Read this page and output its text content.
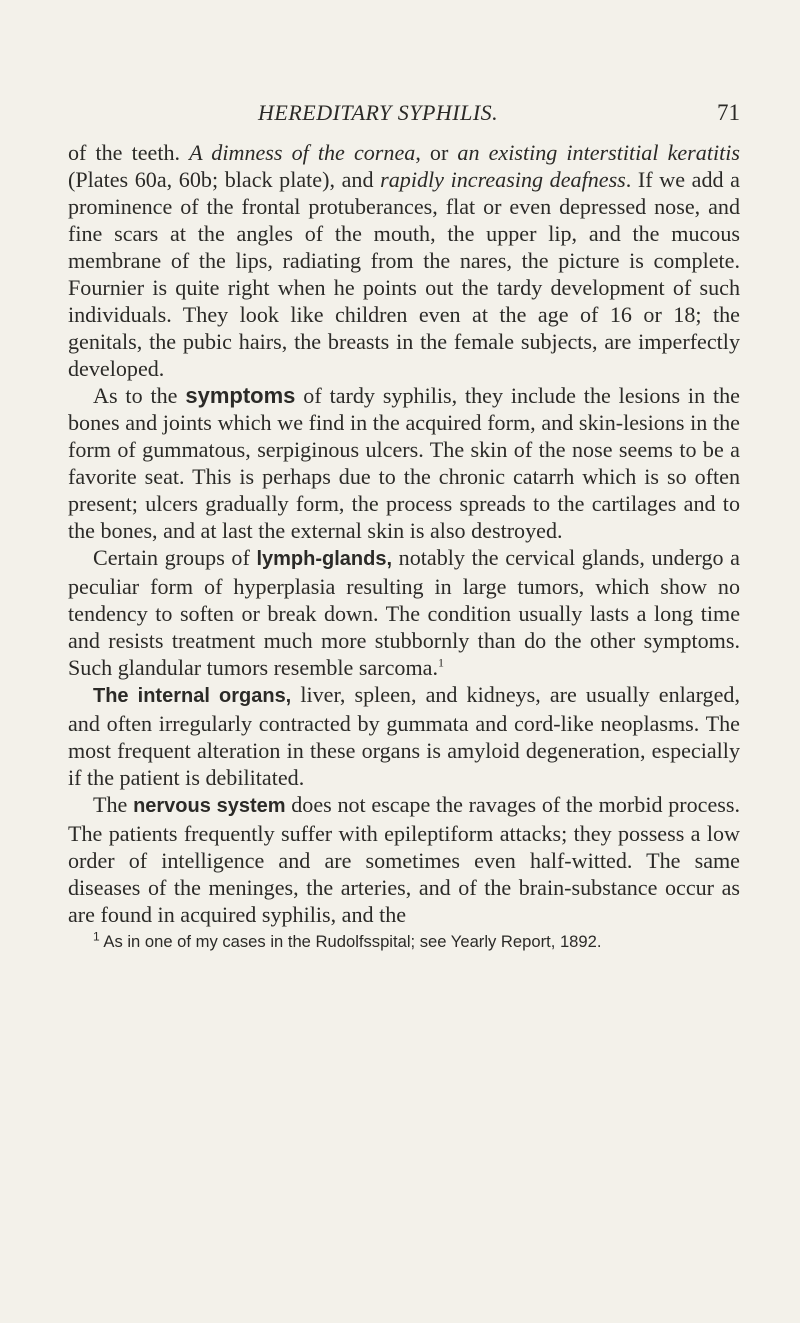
HEREDITARY SYPHILIS.	71

of the teeth. A dimness of the cornea, or an existing interstitial keratitis (Plates 60a, 60b; black plate), and rapidly increasing deafness. If we add a prominence of the frontal protuberances, flat or even depressed nose, and fine scars at the angles of the mouth, the upper lip, and the mucous membrane of the lips, radiating from the nares, the picture is complete. Fournier is quite right when he points out the tardy development of such individuals. They look like children even at the age of 16 or 18; the genitals, the pubic hairs, the breasts in the female subjects, are imperfectly developed.

As to the symptoms of tardy syphilis, they include the lesions in the bones and joints which we find in the acquired form, and skin-lesions in the form of gummatous, serpiginous ulcers. The skin of the nose seems to be a favorite seat. This is perhaps due to the chronic catarrh which is so often present; ulcers gradually form, the process spreads to the cartilages and to the bones, and at last the external skin is also destroyed.

Certain groups of lymph-glands, notably the cervical glands, undergo a peculiar form of hyperplasia resulting in large tumors, which show no tendency to soften or break down. The condition usually lasts a long time and resists treatment much more stubbornly than do the other symptoms. Such glandular tumors resemble sarcoma.$^1$

The internal organs, liver, spleen, and kidneys, are usually enlarged, and often irregularly contracted by gummata and cord-like neoplasms. The most frequent alteration in these organs is amyloid degeneration, especially if the patient is debilitated.

The nervous system does not escape the ravages of the morbid process. The patients frequently suffer with epileptiform attacks; they possess a low order of intelligence and are sometimes even half-witted. The same diseases of the meninges, the arteries, and of the brain-substance occur as are found in acquired syphilis, and the

$^1$ As in one of my cases in the Rudolfsspital; see Yearly Report, 1892.
